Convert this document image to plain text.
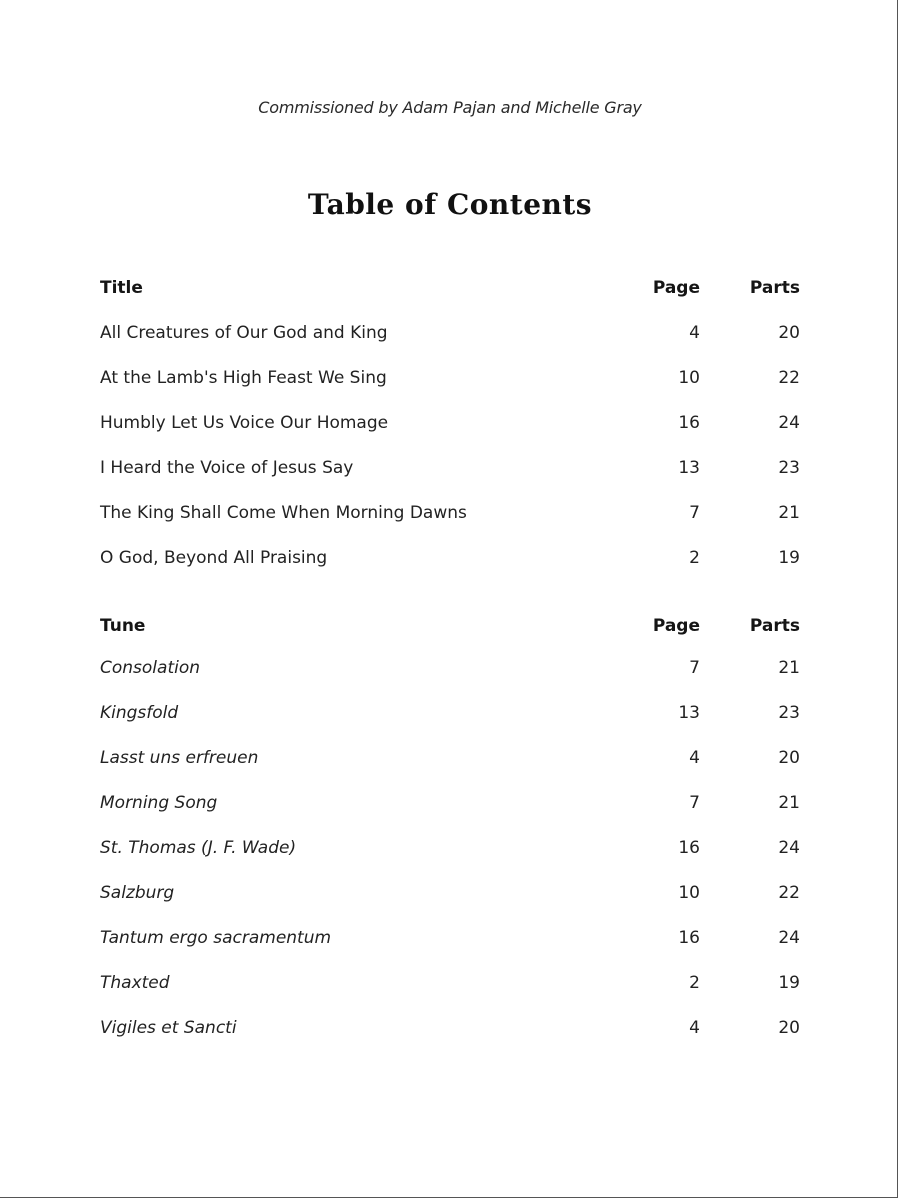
Commissioned by Adam Pajan and Michelle Gray
Table of Contents
Title	Page	Parts
All Creatures of Our God and King	4	20
At the Lamb's High Feast We Sing	10	22
Humbly Let Us Voice Our Homage	16	24
I Heard the Voice of Jesus Say	13	23
The King Shall Come When Morning Dawns	7	21
O God, Beyond All Praising	2	19
Tune	Page	Parts
Consolation	7	21
Kingsfold	13	23
Lasst uns erfreuen	4	20
Morning Song	7	21
St. Thomas (J. F. Wade)	16	24
Salzburg	10	22
Tantum ergo sacramentum	16	24
Thaxted	2	19
Vigiles et Sancti	4	20
